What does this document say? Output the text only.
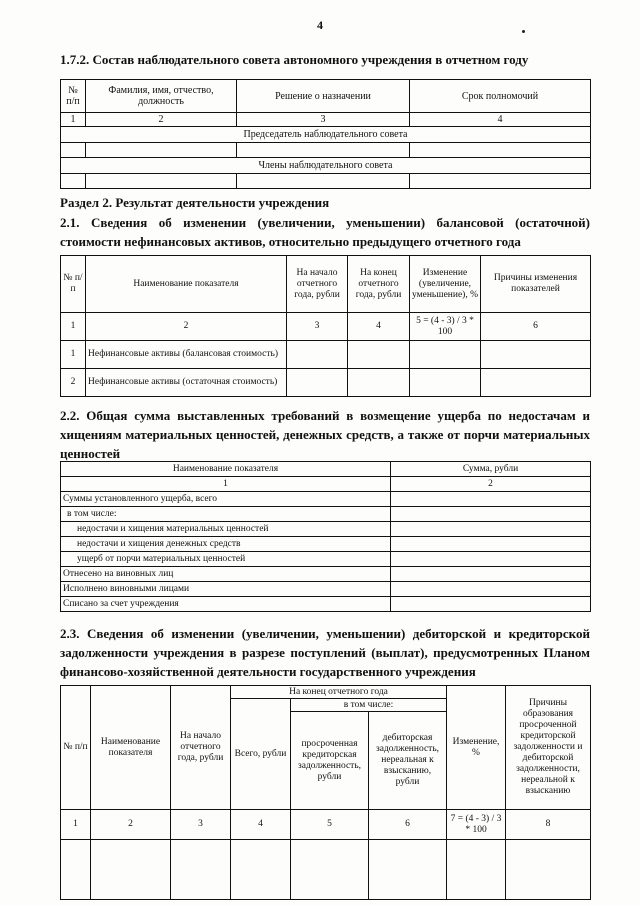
4
1.7.2. Состав наблюдательного совета автономного учреждения в отчетном году
№ п/п	Фамилия, имя, отчество, должность	Решение о назначении	Срок полномочий
1	2	3	4
Председатель наблюдательного совета			

Члены наблюдательного совета			

Раздел 2. Результат деятельности учреждения
2.1. Сведения об изменении (увеличении, уменьшении) балансовой (остаточной) стоимости нефинансовых активов, относительно предыдущего отчетного года
№ п/п	Наименование показателя	На начало отчетного года, рубли	На конец отчетного года, рубли	Изменение (увеличение, уменьшение), %	Причины изменения показателей
1	2	3	4	5 = (4 - 3) / 3 * 100	6
1	Нефинансовые активы (балансовая стоимость)				
2	Нефинансовые активы (остаточная стоимость)				
2.2. Общая сумма выставленных требований в возмещение ущерба по недостачам и хищениям материальных ценностей, денежных средств, а также от порчи материальных ценностей
Наименование показателя	Сумма, рубли
1	2
Суммы установленного ущерба, всего	
в том числе:	
недостачи и хищения материальных ценностей	
недостачи и хищения денежных средств	
ущерб от порчи материальных ценностей	
Отнесено на виновных лиц	
Исполнено виновными лицами	
Списано за счет учреждения	
2.3. Сведения об изменении (увеличении, уменьшении) дебиторской и кредиторской задолженности учреждения в разрезе поступлений (выплат), предусмотренных Планом финансово-хозяйственной деятельности государственного учреждения
№ п/п	Наименование показателя	На начало отчетного года, рубли	На конец отчетного года			Изменение, %	Причины образования просроченной кредиторской задолженности и дебиторской задолженности, нереальной к взысканию
			Всего, рубли	в том числе:			
				просроченная кредиторская задолженность, рубли	дебиторская задолженность, нереальная к взысканию, рубли		
1	2	3	4	5	6	7 = (4 - 3) / 3 * 100	8
